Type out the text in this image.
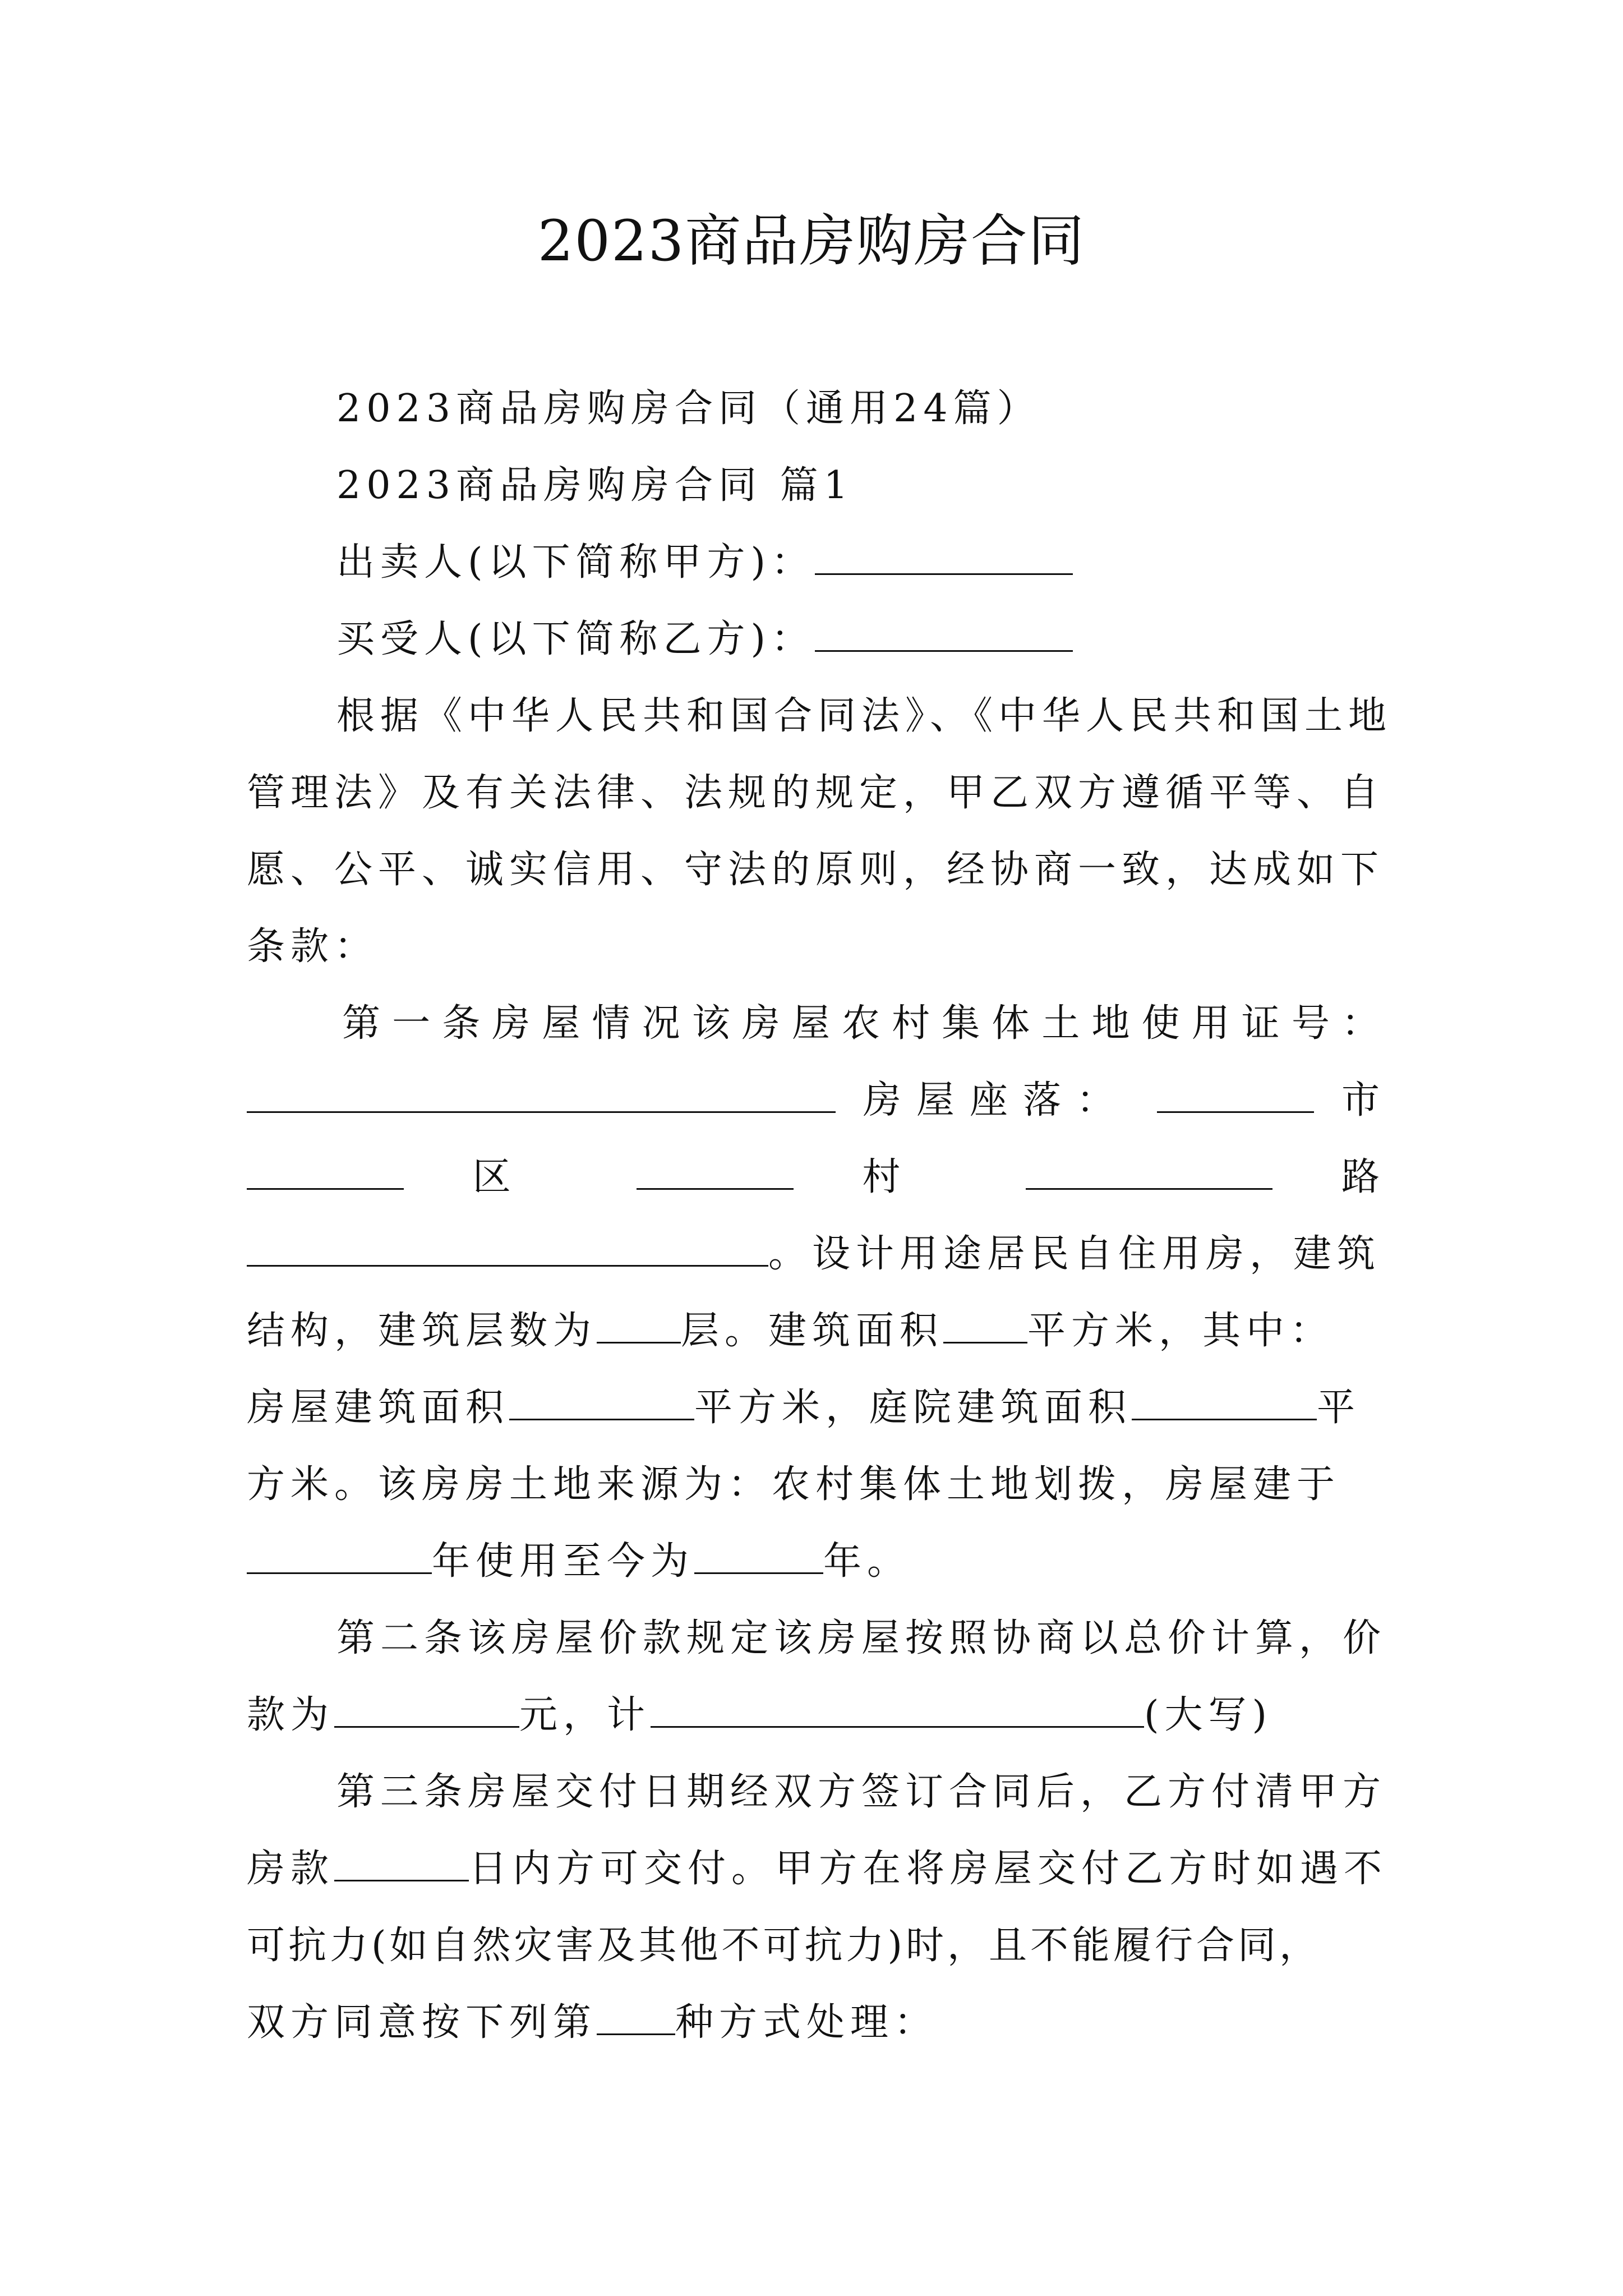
2023商品房购房合同

2023商品房购房合同（通用24篇）

2023商品房购房合同 篇1

出卖人(以下简称甲方)：

买受人(以下简称乙方)：

根据《中华人民共和国合同法》、《中华人民共和国土地
管理法》及有关法律、法规的规定，甲乙双方遵循平等、自
愿、公平、诚实信用、守法的原则，经协商一致，达成如下
条款：
第一条房屋情况该房屋农村集体土地使用证号：
房屋座落：	市
区	村	路
。设计用途居民自住用房，建筑
结构，建筑层数为 层。建筑面积 平方米，其中：
房屋建筑面积	平方米，庭院建筑面积	平
方米。该房房土地来源为：农村集体土地划拨，房屋建于
年使用至今为	年。
第二条该房屋价款规定该房屋按照协商以总价计算，价
款为	元，计	(大写)
第三条房屋交付日期经双方签订合同后，乙方付清甲方
房款	日内方可交付。甲方在将房屋交付乙方时如遇不
可抗力(如自然灾害及其他不可抗力)时，且不能履行合同，
双方同意按下列第 种方式处理：
